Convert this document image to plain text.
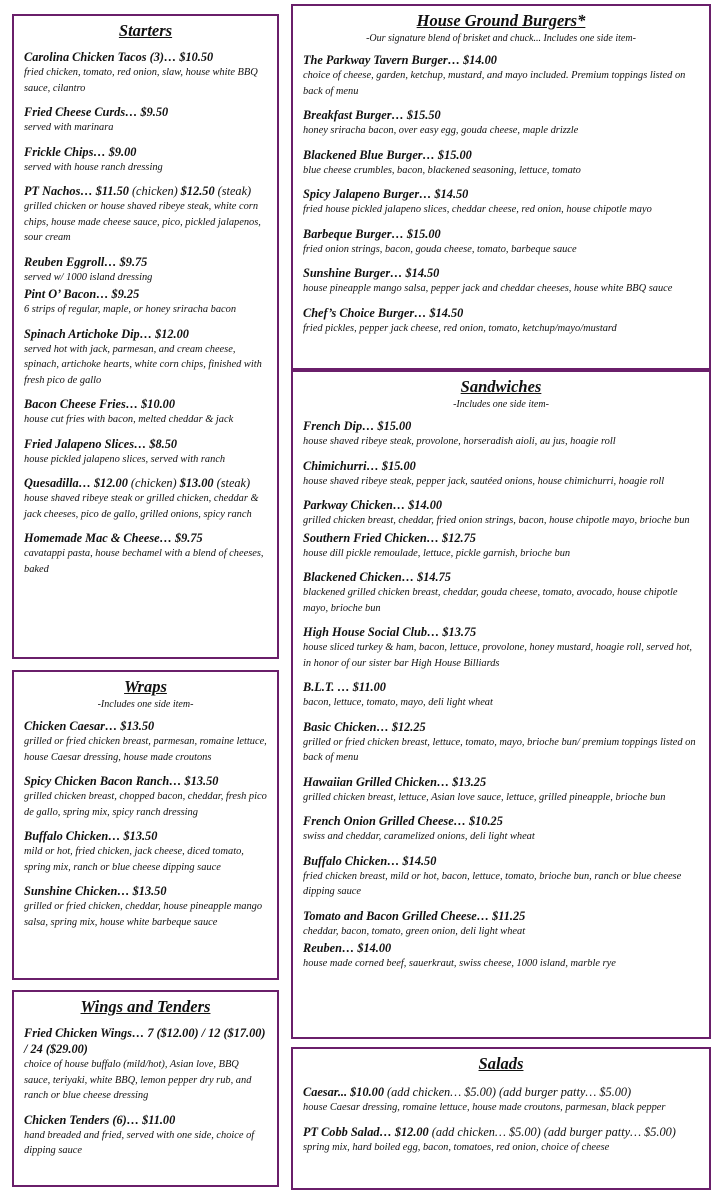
Starters
Carolina Chicken Tacos (3)… $10.50
fried chicken, tomato, red onion, slaw, house white BBQ sauce, cilantro
Fried Cheese Curds… $9.50
served with marinara
Frickle Chips… $9.00
served with house ranch dressing
PT Nachos… $11.50 (chicken) $12.50 (steak)
grilled chicken or house shaved ribeye steak, white corn chips, house made cheese sauce, pico, pickled jalapenos, sour cream
Reuben Eggroll… $9.75
served w/ 1000 island dressing
Pint O’ Bacon… $9.25
6 strips of regular, maple, or honey sriracha bacon
Spinach Artichoke Dip… $12.00
served hot with jack, parmesan, and cream cheese, spinach, artichoke hearts, white corn chips, finished with fresh pico de gallo
Bacon Cheese Fries… $10.00
house cut fries with bacon, melted cheddar & jack
Fried Jalapeno Slices… $8.50
house pickled jalapeno slices, served with ranch
Quesadilla… $12.00 (chicken) $13.00 (steak)
house shaved ribeye steak or grilled chicken, cheddar & jack cheeses, pico de gallo, grilled onions, spicy ranch
Homemade Mac & Cheese… $9.75
cavatappi pasta, house bechamel with a blend of cheeses, baked
Wraps
-Includes one side item-
Chicken Caesar… $13.50
grilled or fried chicken breast, parmesan, romaine lettuce, house Caesar dressing, house made croutons
Spicy Chicken Bacon Ranch… $13.50
grilled chicken breast, chopped bacon, cheddar, fresh pico de gallo, spring mix, spicy ranch dressing
Buffalo Chicken… $13.50
mild or hot, fried chicken, jack cheese, diced tomato, spring mix, ranch or blue cheese dipping sauce
Sunshine Chicken… $13.50
grilled or fried chicken, cheddar, house pineapple mango salsa, spring mix, house white barbeque sauce
Wings and Tenders
Fried Chicken Wings… 7 ($12.00) / 12 ($17.00) / 24 ($29.00)
choice of house buffalo (mild/hot), Asian love, BBQ sauce, teriyaki, white BBQ, lemon pepper dry rub, and ranch or blue cheese dressing
Chicken Tenders (6)… $11.00
hand breaded and fried, served with one side, choice of dipping sauce
House Ground Burgers*
-Our signature blend of brisket and chuck... Includes one side item-
The Parkway Tavern Burger… $14.00
choice of cheese, garden, ketchup, mustard, and mayo included. Premium toppings listed on back of menu
Breakfast Burger… $15.50
honey sriracha bacon, over easy egg, gouda cheese, maple drizzle
Blackened Blue Burger… $15.00
blue cheese crumbles, bacon, blackened seasoning, lettuce, tomato
Spicy Jalapeno Burger… $14.50
fried house pickled jalapeno slices, cheddar cheese, red onion, house chipotle mayo
Barbeque Burger… $15.00
fried onion strings, bacon, gouda cheese, tomato, barbeque sauce
Sunshine Burger… $14.50
house pineapple mango salsa, pepper jack and cheddar cheeses, house white BBQ sauce
Chef’s Choice Burger… $14.50
fried pickles, pepper jack cheese, red onion, tomato, ketchup/mayo/mustard
Sandwiches
-Includes one side item-
French Dip… $15.00
house shaved ribeye steak, provolone, horseradish aioli, au jus, hoagie roll
Chimichurri… $15.00
house shaved ribeye steak, pepper jack, sautéed onions, house chimichurri, hoagie roll
Parkway Chicken… $14.00
grilled chicken breast, cheddar, fried onion strings, bacon, house chipotle mayo, brioche bun
Southern Fried Chicken… $12.75
house dill pickle remoulade, lettuce, pickle garnish, brioche bun
Blackened Chicken… $14.75
blackened grilled chicken breast, cheddar, gouda cheese, tomato, avocado, house chipotle mayo, brioche bun
High House Social Club… $13.75
house sliced turkey & ham, bacon, lettuce, provolone, honey mustard, hoagie roll, served hot, in honor of our sister bar High House Billiards
B.L.T. … $11.00
bacon, lettuce, tomato, mayo, deli light wheat
Basic Chicken… $12.25
grilled or fried chicken breast, lettuce, tomato, mayo, brioche bun/ premium toppings listed on back of menu
Hawaiian Grilled Chicken… $13.25
grilled chicken breast, lettuce, Asian love sauce, lettuce, grilled pineapple, brioche bun
French Onion Grilled Cheese… $10.25
swiss and cheddar, caramelized onions, deli light wheat
Buffalo Chicken… $14.50
fried chicken breast, mild or hot, bacon, lettuce, tomato, brioche bun, ranch or blue cheese dipping sauce
Tomato and Bacon Grilled Cheese… $11.25
cheddar, bacon, tomato, green onion, deli light wheat
Reuben… $14.00
house made corned beef, sauerkraut, swiss cheese, 1000 island, marble rye
Salads
Caesar... $10.00 (add chicken… $5.00) (add burger patty… $5.00)
house Caesar dressing, romaine lettuce, house made croutons, parmesan, black pepper
PT Cobb Salad… $12.00 (add chicken… $5.00) (add burger patty… $5.00)
spring mix, hard boiled egg, bacon, tomatoes, red onion, choice of cheese
